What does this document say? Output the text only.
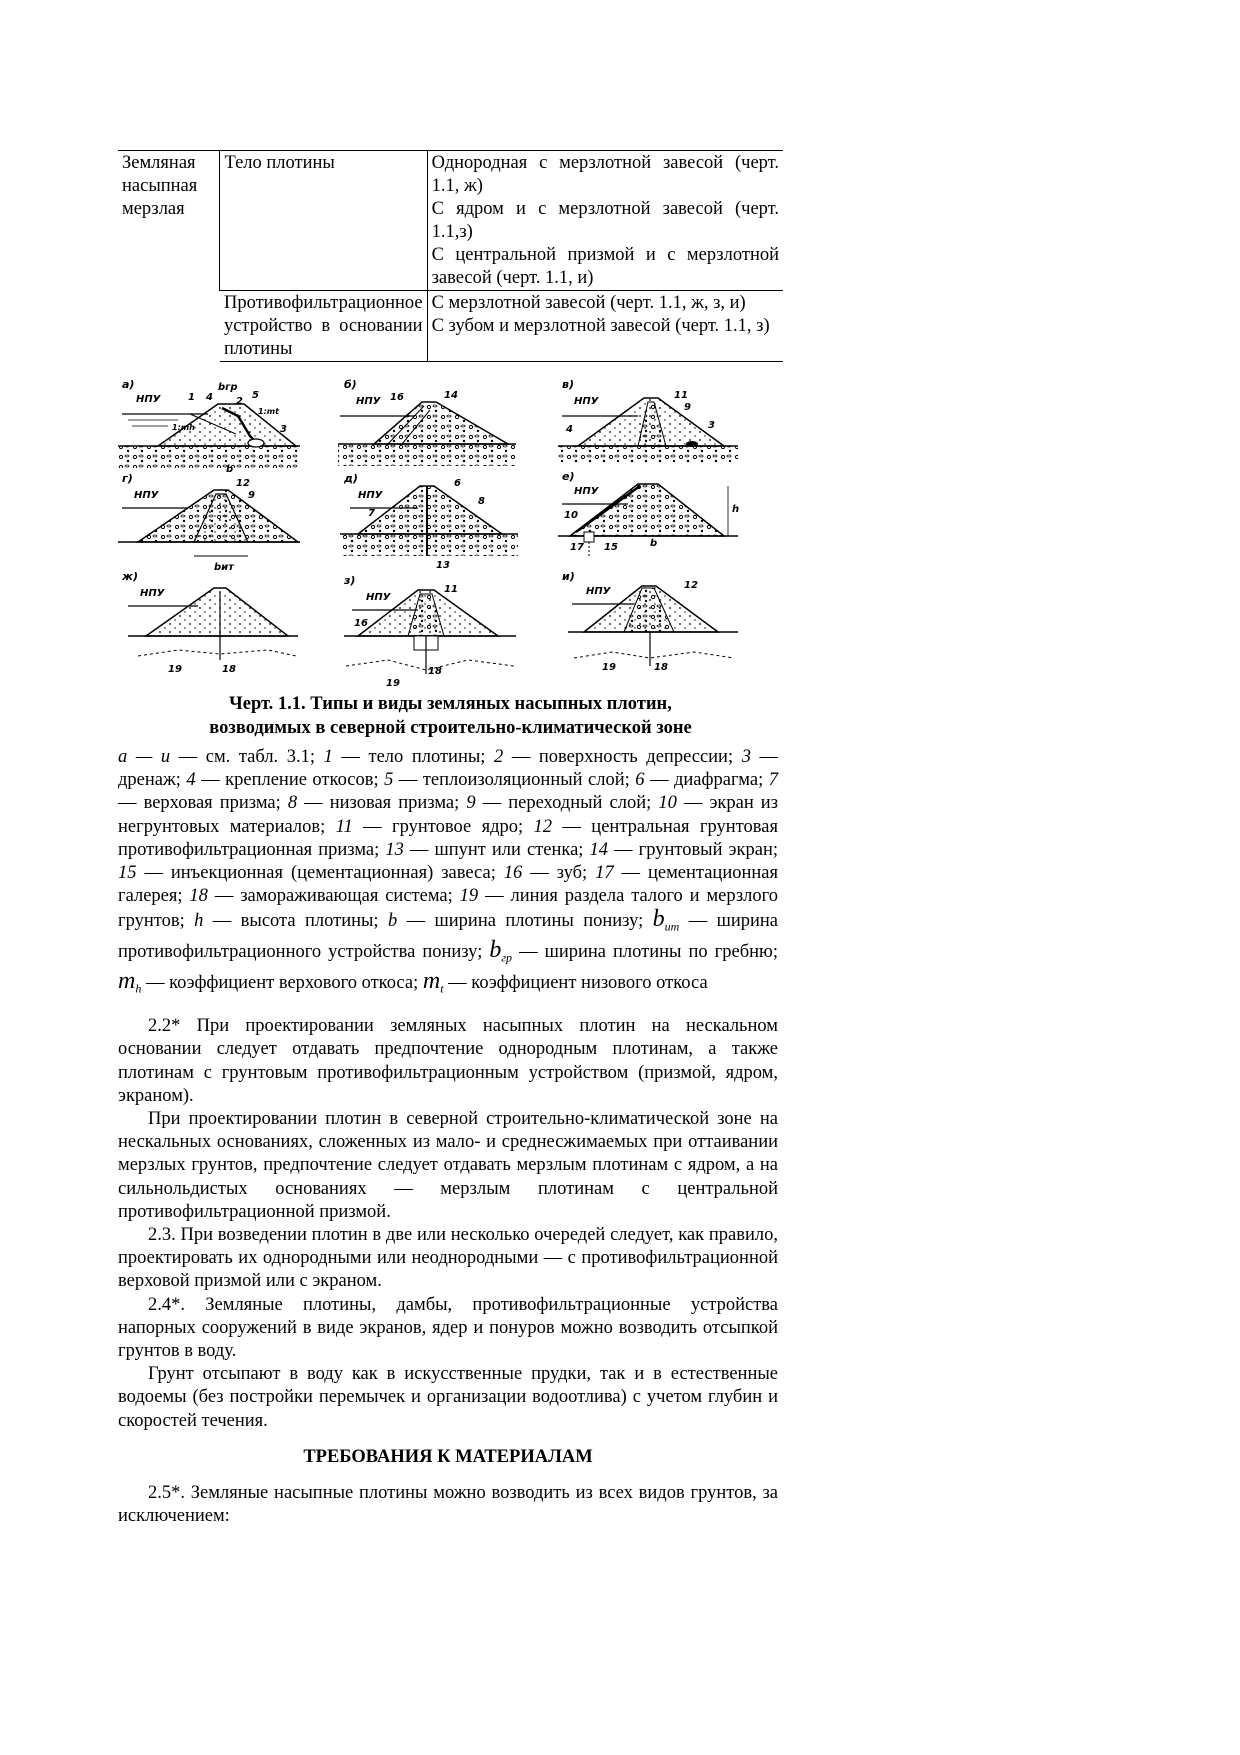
Земляная насыпная мерзлая	Тело плотины	Однородная с мерзлотной завесой (черт. 1.1, ж)
С ядром и с мерзлотной завесой (черт. 1.1,з)
С центральной призмой и с мерзлотной завесой (черт. 1.1, и)

	Противофильтрационное устройство в основании плотины	С мерзлотной завесой (черт. 1.1, ж, з, и)
С зубом и мерзлотной завесой (черт. 1.1, з)
а)
НПУ	1 4 2
5
3
b
bгр
1:mh
1:mt
б)
НПУ 16	14
в)
НПУ
11
9
3
4
г)
НПУ
12
9
bит
д)
НПУ
6
8
7
13
е)
НПУ
10
17 15	b
h
ж)
НПУ
19	18
з)
НПУ
11
16
19
18
и)
НПУ
12
19	18
Черт. 1.1. Типы и виды земляных насыпных плотин,
возводимых в северной строительно-климатической зоне
а — и — см. табл. 3.1; 1 — тело плотины; 2 — поверхность депрессии; 3 — дренаж; 4 — крепление откосов; 5 — теплоизоляционный слой; 6 — диафрагма; 7 — верховая призма; 8 — низовая призма; 9 — переходный слой; 10 — экран из негрунтовых материалов; 11 — грунтовое ядро; 12 — центральная грунтовая противофильтрационная призма; 13 — шпунт или стенка; 14 — грунтовый экран; 15 — инъекционная (цементационная) завеса; 16 — зуб; 17 — цементационная галерея; 18 — замораживающая система; 19 — линия раздела талого и мерзлого грунтов; h — высота плотины; b — ширина плотины понизу; $b_{ит}$ — ширина противофильтрационного устройства понизу; $b_{гр}$ — ширина плотины по гребню; $m_h$ — коэффициент верхового откоса; $m_t$ — коэффициент низового откоса

2.2* При проектировании земляных насыпных плотин на нескальном основании следует отдавать предпочтение однородным плотинам, а также плотинам с грунтовым противофильтрационным устройством (призмой, ядром, экраном).

При проектировании плотин в северной строительно-климатической зоне на нескальных основаниях, сложенных из мало- и среднесжимаемых при оттаивании мерзлых грунтов, предпочтение следует отдавать мерзлым плотинам с ядром, а на сильнольдистых основаниях — мерзлым плотинам с центральной противофильтрационной призмой.

2.3. При возведении плотин в две или несколько очередей следует, как правило, проектировать их однородными или неоднородными — с противофильтрационной верховой призмой или с экраном.

2.4*. Земляные плотины, дамбы, противофильтрационные устройства напорных сооружений в виде экранов, ядер и понуров можно возводить отсыпкой грунтов в воду.

Грунт отсыпают в воду как в искусственные прудки, так и в естественные водоемы (без постройки перемычек и организации водоотлива) с учетом глубин и скоростей течения.

ТРЕБОВАНИЯ К МАТЕРИАЛАМ

2.5*. Земляные насыпные плотины можно возводить из всех видов грунтов, за исключением:
